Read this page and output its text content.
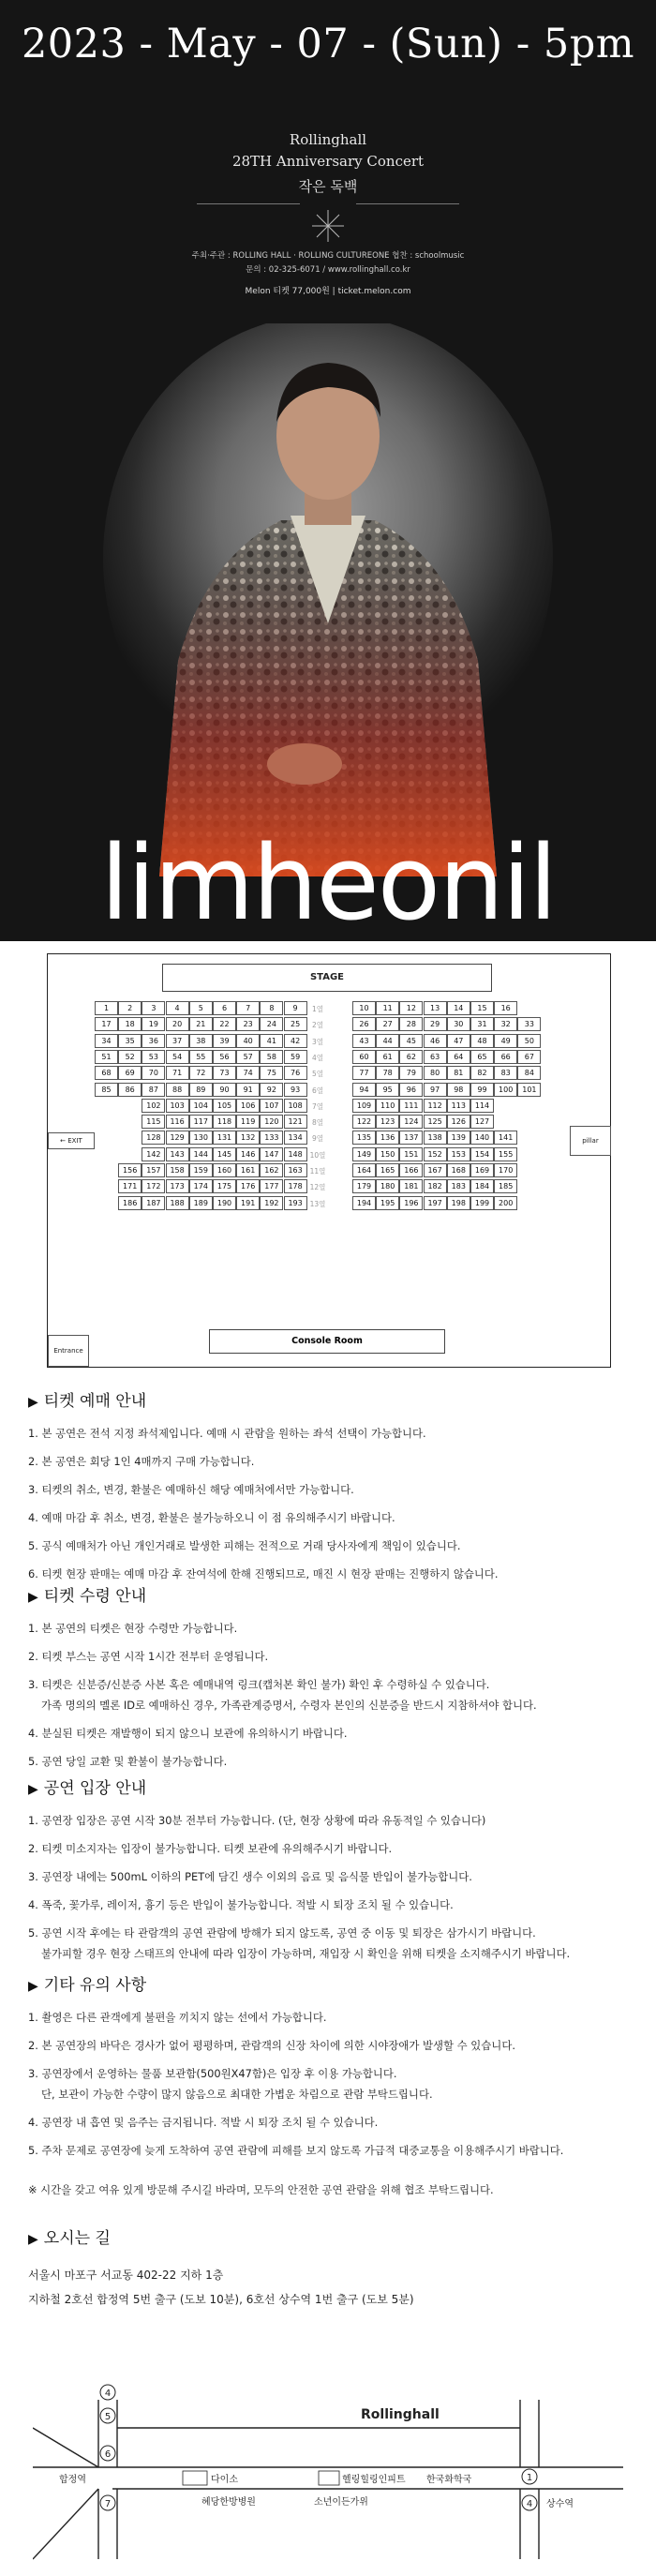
2023 - May - 07 - (Sun) - 5pm
Rollinghall
28TH Anniversary Concert
작은 독백
주최·주관 : ROLLING HALL · ROLLING CULTUREONE 협찬 : schoolmusic
문의 : 02-325-6071 / www.rollinghall.co.kr
Melon 티켓 77,000원 | ticket.melon.com
limheonil
STAGE
1	2	3	4	5	6	7	8	9	1열
17	18	19	20	21	22	23	24	25	2열
34	35	36	37	38	39	40	41	42	3열
51	52	53	54	55	56	57	58	59	4열
68	69	70	71	72	73	74	75	76	5열
85	86	87	88	89	90	91	92	93	6열
102	103	104	105	106	107	108	7열
115	116	117	118	119	120	121	8열
128	129	130	131	132	133	134	9열
142	143	144	145	146	147	148	10열
156	157	158	159	160	161	162	163	11열
171	172	173	174	175	176	177	178	12열
186	187	188	189	190	191	192	193	13열
10	11	12	13	14	15	16
26	27	28	29	30	31	32	33
43	44	45	46	47	48	49	50
60	61	62	63	64	65	66	67
77	78	79	80	81	82	83	84
94	95	96	97	98	99	100	101
109	110	111	112	113	114
122	123	124	125	126	127
135	136	137	138	139	140	141
149	150	151	152	153	154	155
164	165	166	167	168	169	170
179	180	181	182	183	184	185
194	195	196	197	198	199	200
← EXIT	pillar
Entrance
Console Room
▶ 티켓 예매 안내
1. 본 공연은 전석 지정 좌석제입니다. 예매 시 관람을 원하는 좌석 선택이 가능합니다.
2. 본 공연은 회당 1인 4매까지 구매 가능합니다.
3. 티켓의 취소, 변경, 환불은 예매하신 해당 예매처에서만 가능합니다.
4. 예매 마감 후 취소, 변경, 환불은 불가능하오니 이 점 유의해주시기 바랍니다.
5. 공식 예매처가 아닌 개인거래로 발생한 피해는 전적으로 거래 당사자에게 책임이 있습니다.
6. 티켓 현장 판매는 예매 마감 후 잔여석에 한해 진행되므로, 매진 시 현장 판매는 진행하지 않습니다.
▶ 티켓 수령 안내
1. 본 공연의 티켓은 현장 수령만 가능합니다.
2. 티켓 부스는 공연 시작 1시간 전부터 운영됩니다.
3. 티켓은 신분증/신분증 사본 혹은 예매내역 링크(캡처본 확인 불가) 확인 후 수령하실 수 있습니다.
가족 명의의 멜론 ID로 예매하신 경우, 가족관계증명서, 수령자 본인의 신분증을 반드시 지참하셔야 합니다.
4. 분실된 티켓은 재발행이 되지 않으니 보관에 유의하시기 바랍니다.
5. 공연 당일 교환 및 환불이 불가능합니다.
▶ 공연 입장 안내
1. 공연장 입장은 공연 시작 30분 전부터 가능합니다. (단, 현장 상황에 따라 유동적일 수 있습니다)
2. 티켓 미소지자는 입장이 불가능합니다. 티켓 보관에 유의해주시기 바랍니다.
3. 공연장 내에는 500mL 이하의 PET에 담긴 생수 이외의 음료 및 음식물 반입이 불가능합니다.
4. 폭죽, 꽃가루, 레이저, 흉기 등은 반입이 불가능합니다. 적발 시 퇴장 조치 될 수 있습니다.
5. 공연 시작 후에는 타 관람객의 공연 관람에 방해가 되지 않도록, 공연 중 이동 및 퇴장은 삼가시기 바랍니다.
불가피할 경우 현장 스태프의 안내에 따라 입장이 가능하며, 재입장 시 확인을 위해 티켓을 소지해주시기 바랍니다.
▶ 기타 유의 사항
1. 촬영은 다른 관객에게 불편을 끼치지 않는 선에서 가능합니다.
2. 본 공연장의 바닥은 경사가 없어 평평하며, 관람객의 신장 차이에 의한 시야장애가 발생할 수 있습니다.
3. 공연장에서 운영하는 물품 보관함(500원X47함)은 입장 후 이용 가능합니다.
단, 보관이 가능한 수량이 많지 않음으로 최대한 가볍운 차림으로 관람 부탁드립니다.
4. 공연장 내 흡연 및 음주는 금지됩니다. 적발 시 퇴장 조치 될 수 있습니다.
5. 주차 문제로 공연장에 늦게 도착하여 공연 관람에 피해를 보지 않도록 가급적 대중교통을 이용해주시기 바랍니다.
※ 시간을 갖고 여유 있게 방문해 주시길 바라며, 모두의 안전한 공연 관람을 위해 협조 부탁드립니다.
▶ 오시는 길
서울시 마포구 서교동 402-22 지하 1층
지하철 2호선 합정역 5번 출구 (도보 10분), 6호선 상수역 1번 출구 (도보 5분)
4
5
6
7
1
4
합정역
상수역
Rollinghall
다이소	헬링힐링인피트 한국화학국
혜당한방병원	소년이든가위
